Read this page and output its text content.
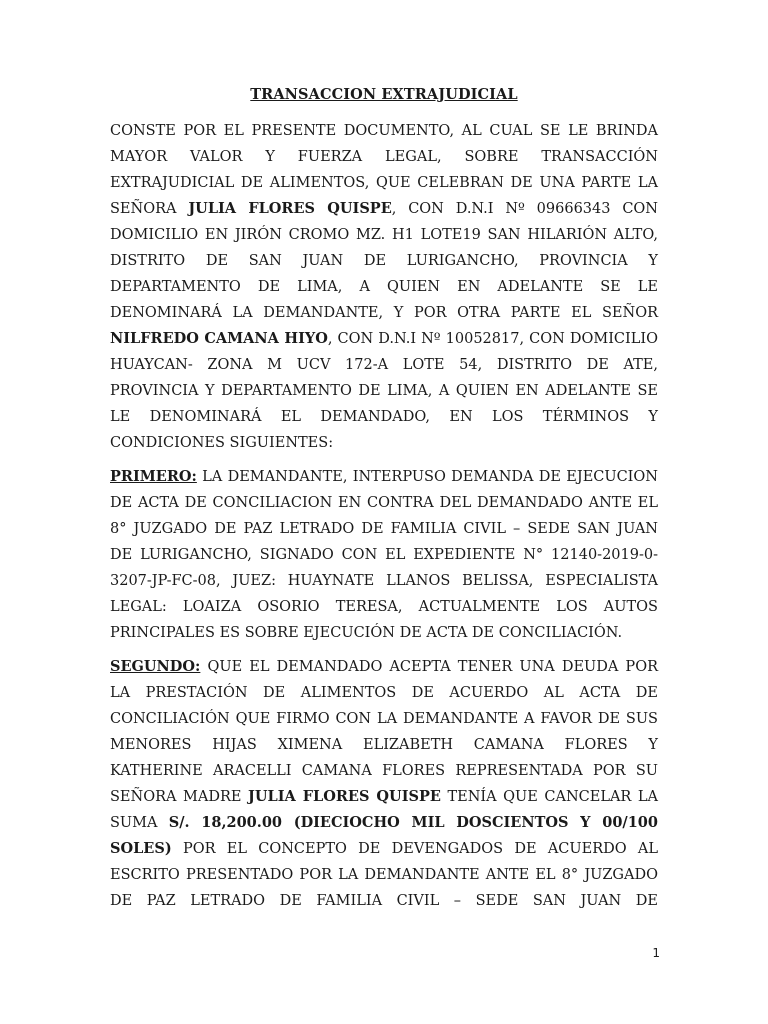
TRANSACCION EXTRAJUDICIAL

CONSTE POR EL PRESENTE DOCUMENTO, AL CUAL SE LE BRINDA
MAYOR VALOR Y FUERZA LEGAL, SOBRE TRANSACCIÓN
EXTRAJUDICIAL DE ALIMENTOS, QUE CELEBRAN DE UNA PARTE LA
SEÑORA JULIA FLORES QUISPE, CON D.N.I Nº 09666343 CON
DOMICILIO EN JIRÓN CROMO MZ. H1 LOTE19 SAN HILARIÓN ALTO,
DISTRITO DE SAN JUAN DE LURIGANCHO, PROVINCIA Y
DEPARTAMENTO DE LIMA, A QUIEN EN ADELANTE SE LE
DENOMINARÁ LA DEMANDANTE, Y POR OTRA PARTE EL SEÑOR
NILFREDO CAMANA HIYO, CON D.N.I Nº 10052817, CON DOMICILIO
HUAYCAN- ZONA M UCV 172-A LOTE 54, DISTRITO DE ATE,
PROVINCIA Y DEPARTAMENTO DE LIMA, A QUIEN EN ADELANTE SE
LE DENOMINARÁ EL DEMANDADO, EN LOS TÉRMINOS Y
CONDICIONES SIGUIENTES:

PRIMERO: LA DEMANDANTE, INTERPUSO DEMANDA DE EJECUCION
DE ACTA DE CONCILIACION EN CONTRA DEL DEMANDADO ANTE EL
8° JUZGADO DE PAZ LETRADO DE FAMILIA CIVIL – SEDE SAN JUAN
DE LURIGANCHO, SIGNADO CON EL EXPEDIENTE N° 12140-2019-0-
3207-JP-FC-08, JUEZ: HUAYNATE LLANOS BELISSA, ESPECIALISTA
LEGAL: LOAIZA OSORIO TERESA, ACTUALMENTE LOS AUTOS
PRINCIPALES ES SOBRE EJECUCIÓN DE ACTA DE CONCILIACIÓN.

SEGUNDO: QUE EL DEMANDADO ACEPTA TENER UNA DEUDA POR
LA PRESTACIÓN DE ALIMENTOS DE ACUERDO AL ACTA DE
CONCILIACIÓN QUE FIRMO CON LA DEMANDANTE A FAVOR DE SUS
MENORES HIJAS XIMENA ELIZABETH CAMANA FLORES Y
KATHERINE ARACELLI CAMANA FLORES REPRESENTADA POR SU
SEÑORA MADRE JULIA FLORES QUISPE TENÍA QUE CANCELAR LA
SUMA S/. 18,200.00 (DIECIOCHO MIL DOSCIENTOS Y 00/100
SOLES) POR EL CONCEPTO DE DEVENGADOS DE ACUERDO AL
ESCRITO PRESENTADO POR LA DEMANDANTE ANTE EL 8° JUZGADO
DE PAZ LETRADO DE FAMILIA CIVIL – SEDE SAN JUAN DE

1
